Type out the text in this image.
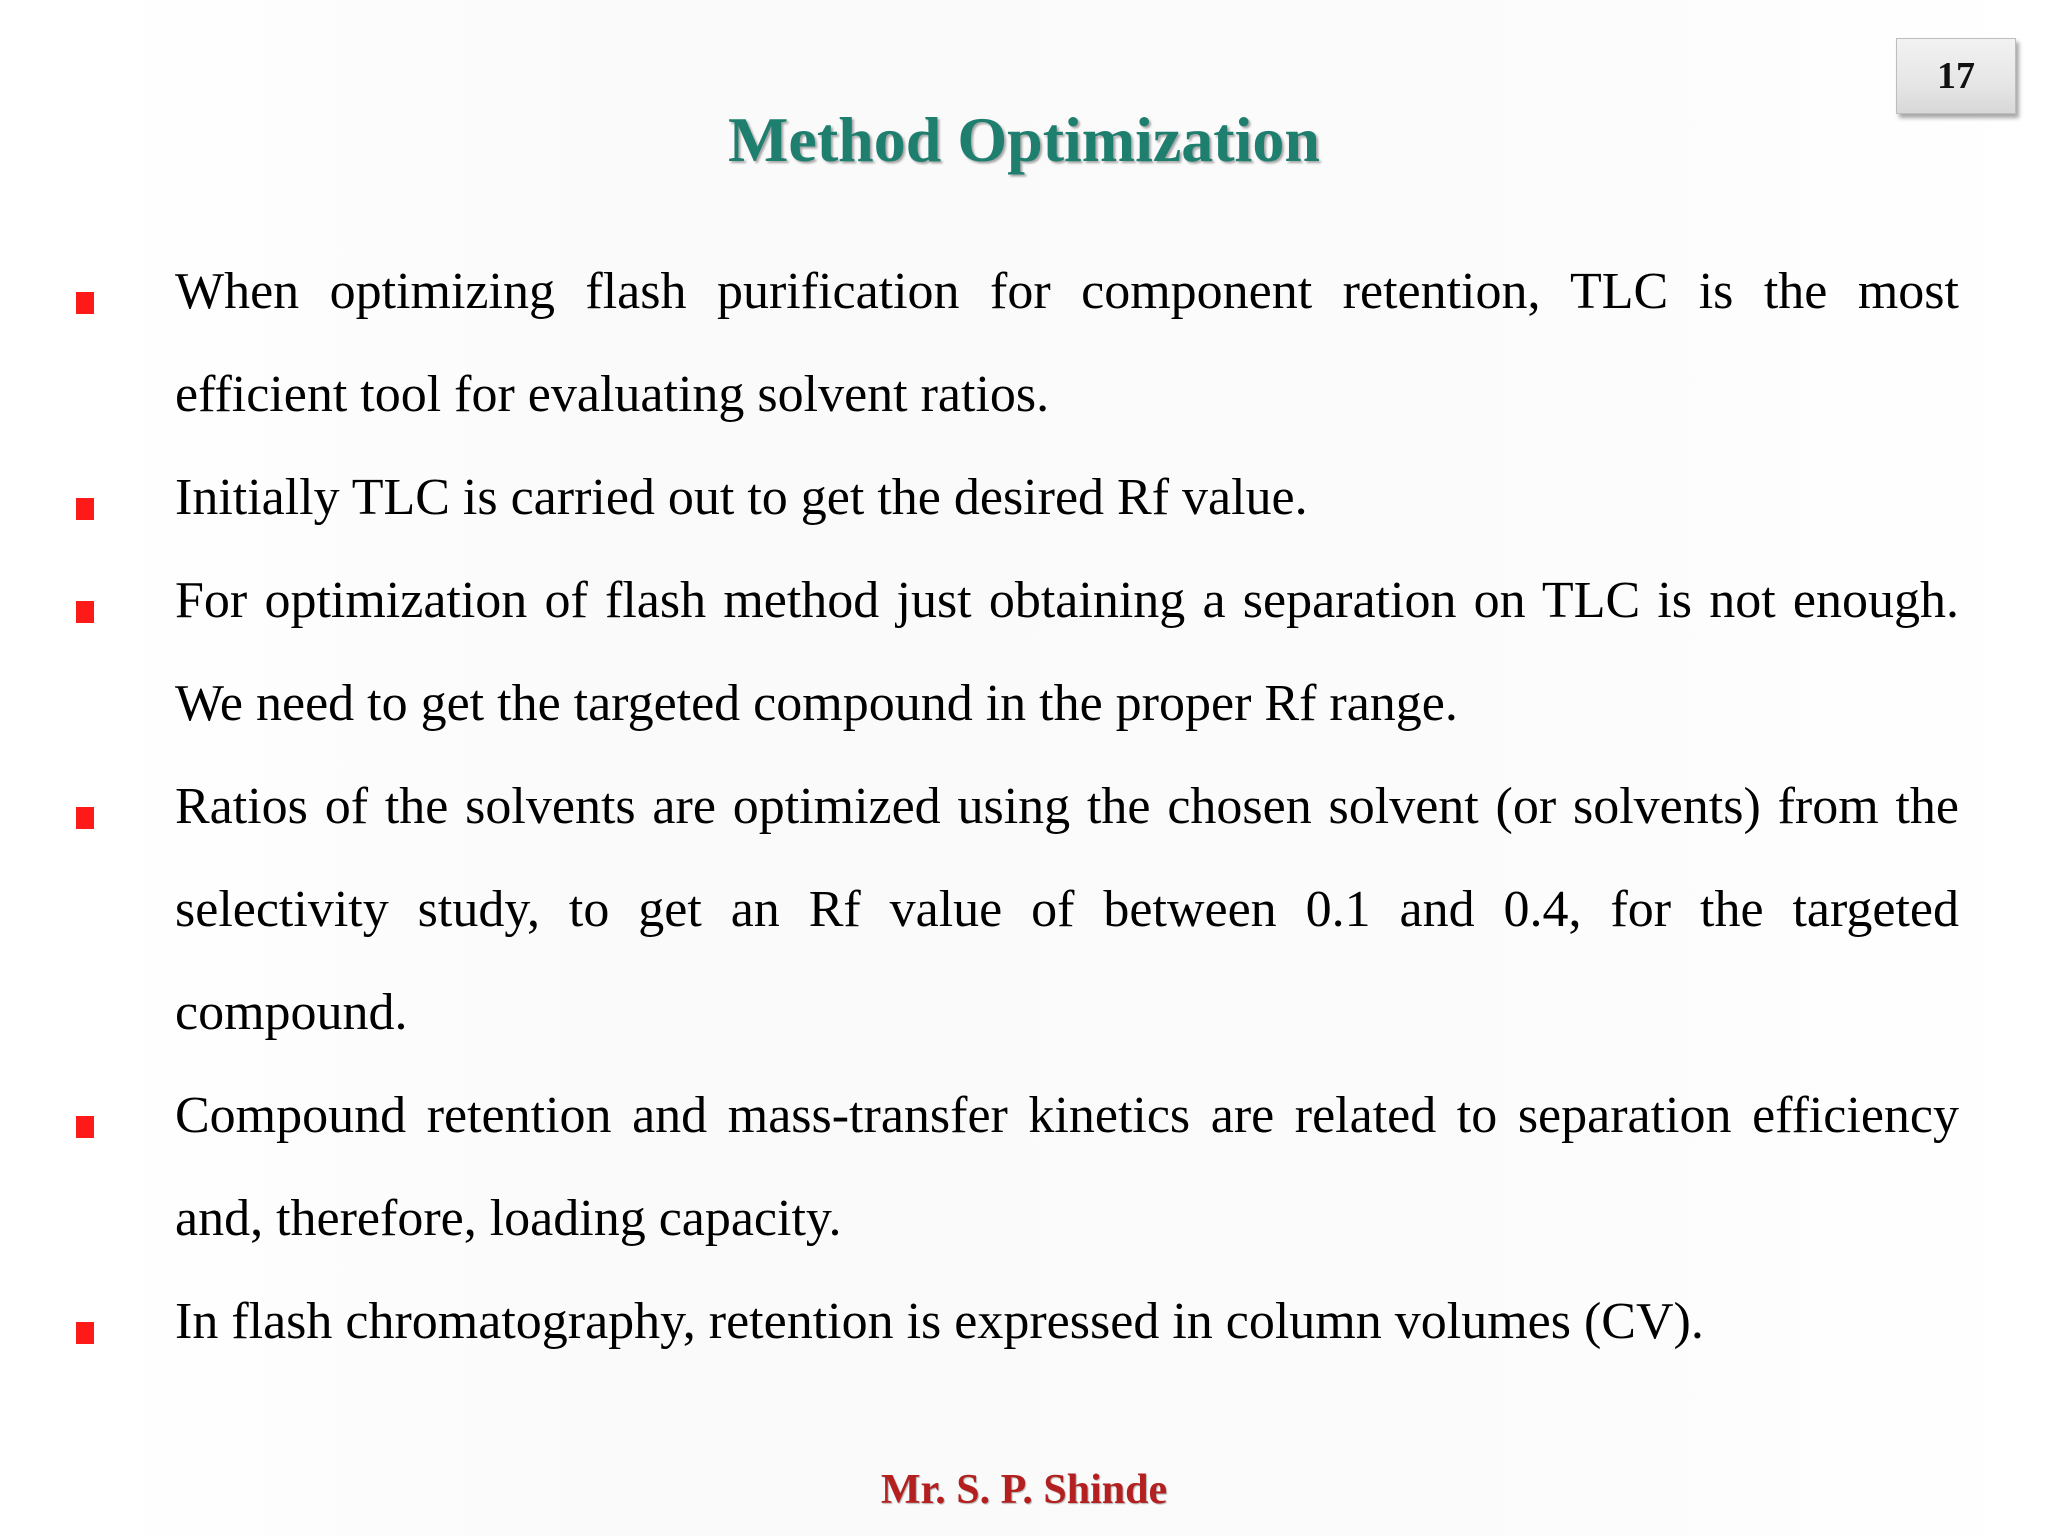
17
Method Optimization
When optimizing flash purification for component retention, TLC is the most efficient tool for evaluating solvent ratios.
Initially TLC is carried out to get the desired Rf value.
For optimization of flash method just obtaining a separation on TLC is not enough. We need to get the targeted compound in the proper Rf range.
Ratios of the solvents are optimized using the chosen solvent (or solvents) from the selectivity study, to get an Rf value of between 0.1 and 0.4, for the targeted compound.
Compound retention and mass-transfer kinetics are related to separation efficiency and, therefore, loading capacity.
In flash chromatography, retention is expressed in column volumes (CV).
Mr. S. P. Shinde
